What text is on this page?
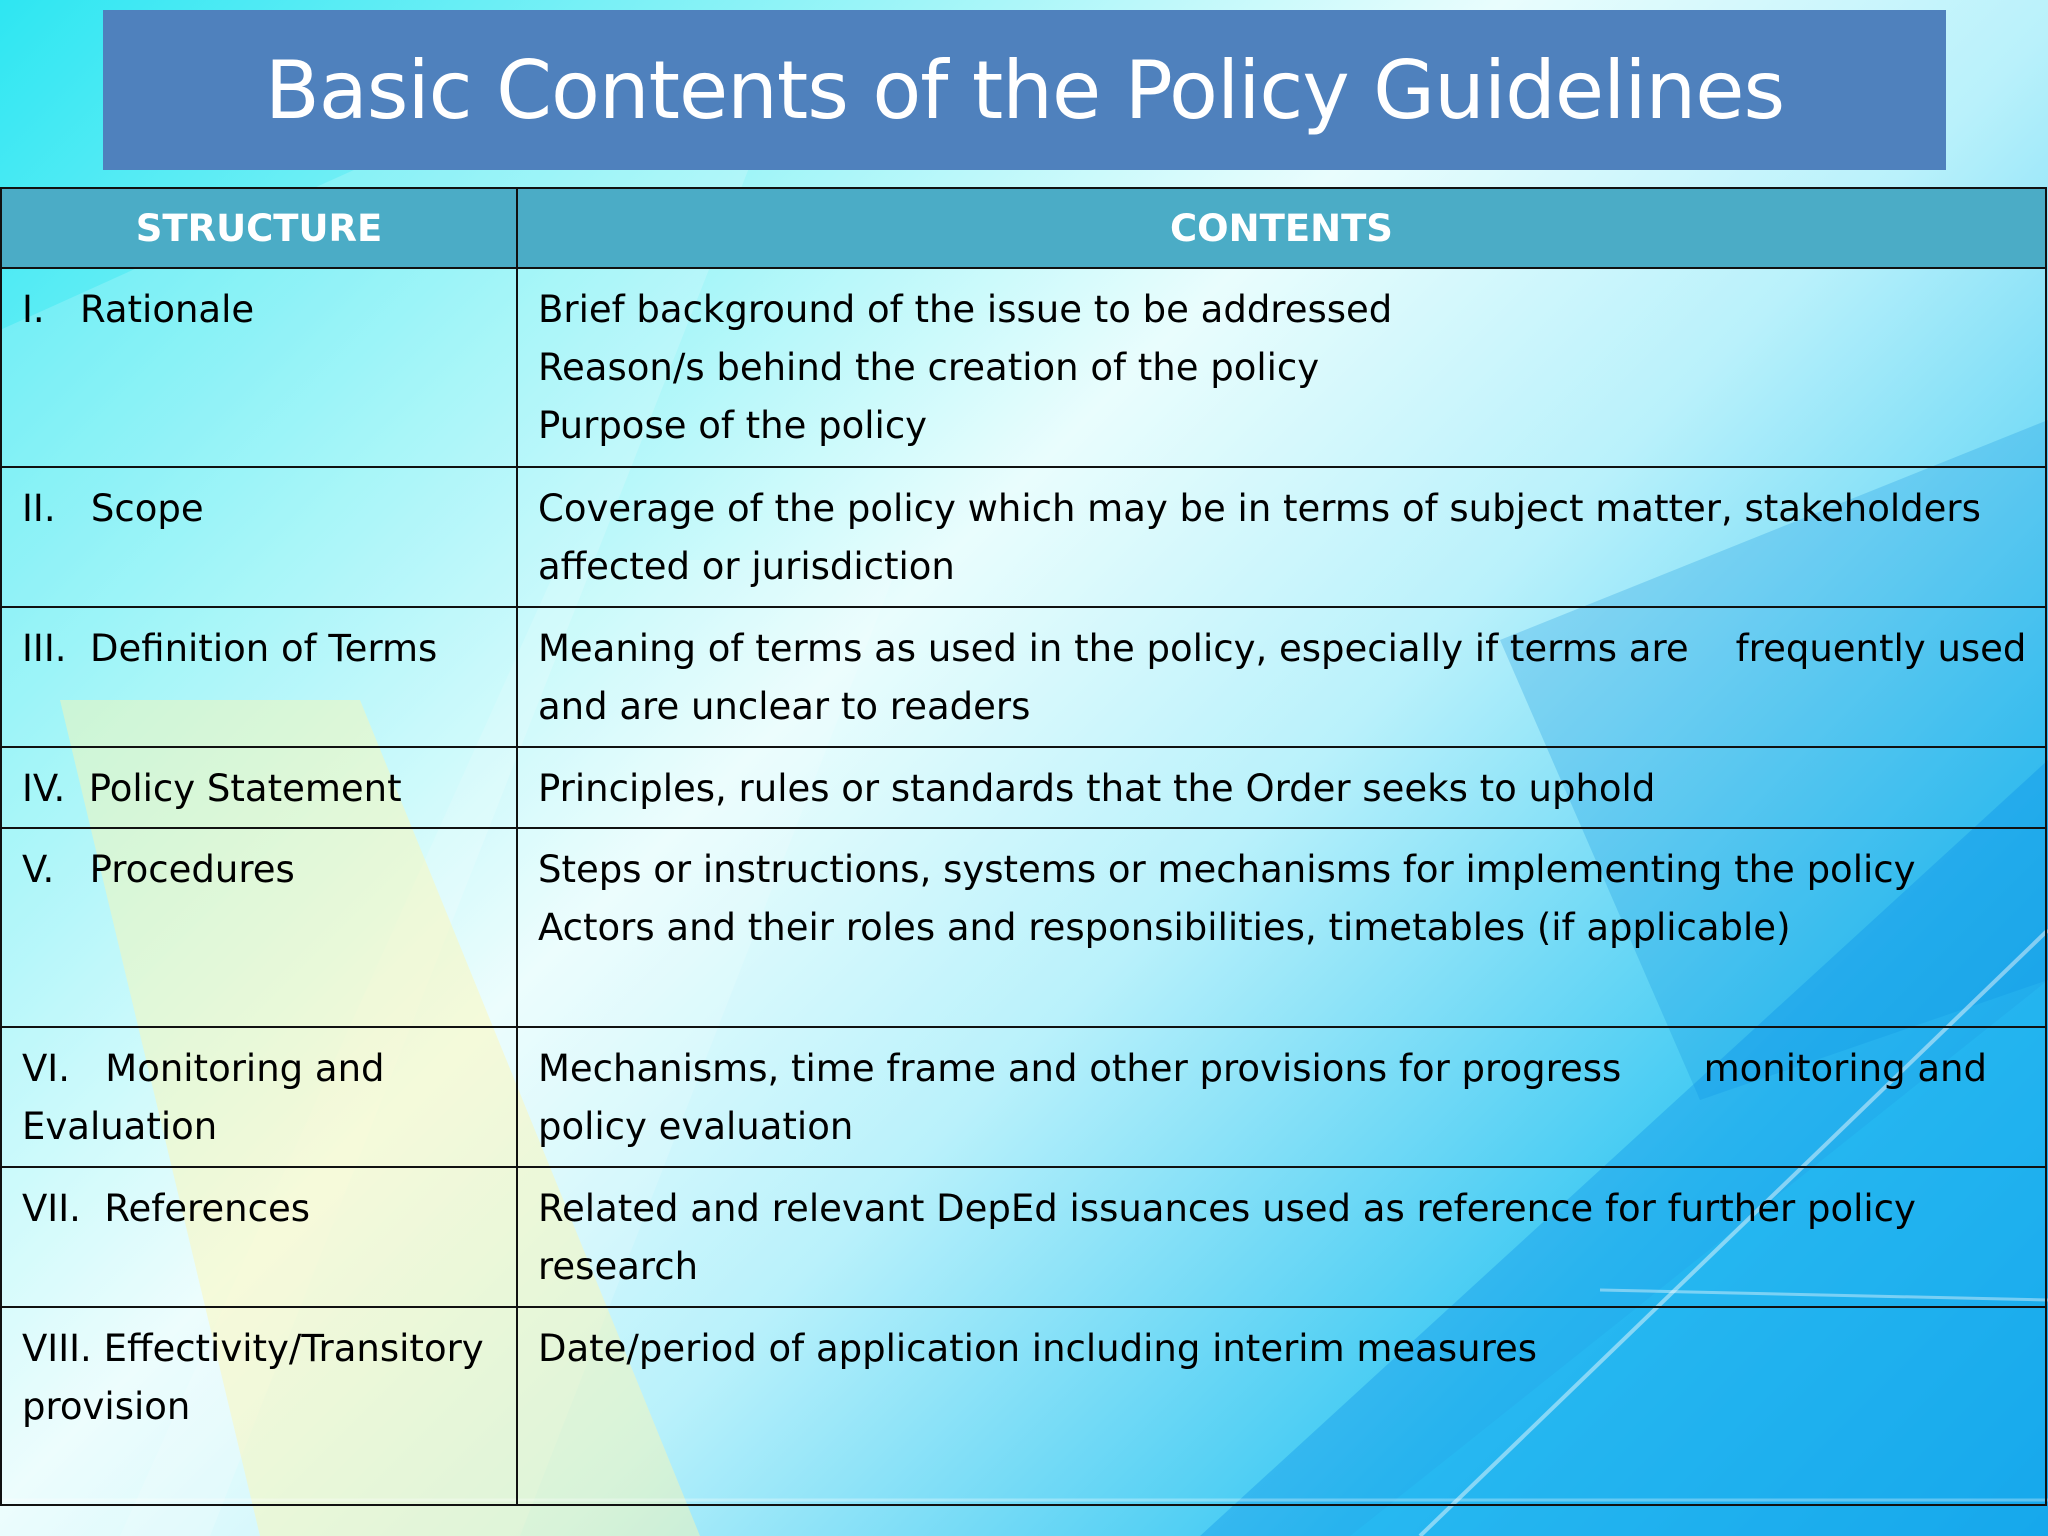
Basic Contents of the Policy Guidelines
STRUCTURE	CONTENTS

I.   Rationale	Brief background of the issue to be addressed
Reason/s behind the creation of the policy
Purpose of the policy

II.   Scope	Coverage of the policy which may be in terms of subject matter, stakeholders affected or jurisdiction

III.  Definition of Terms	Meaning of terms as used in the policy, especially if terms are    frequently used and are unclear to readers

IV.  Policy Statement	Principles, rules or standards that the Order seeks to uphold

V.   Procedures	Steps or instructions, systems or mechanisms for implementing the policy
Actors and their roles and responsibilities, timetables (if applicable)

VI.   Monitoring and Evaluation	Mechanisms, time frame and other provisions for progress       monitoring and policy evaluation

VII.  References	Related and relevant DepEd issuances used as reference for further policy research

VIII. Effectivity/Transitory provision	Date/period of application including interim measures
